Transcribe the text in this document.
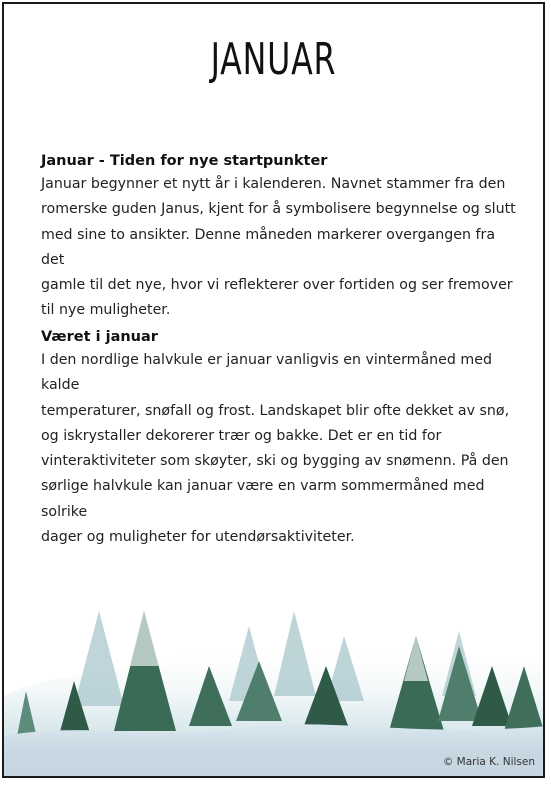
JANUAR

Januar - Tiden for nye startpunkter

Januar begynner et nytt år i kalenderen. Navnet stammer fra den
romerske guden Janus, kjent for å symbolisere begynnelse og slutt
med sine to ansikter. Denne måneden markerer overgangen fra det
gamle til det nye, hvor vi reflekterer over fortiden og ser fremover
til nye muligheter.

Været i januar

I den nordlige halvkule er januar vanligvis en vintermåned med kalde
temperaturer, snøfall og frost. Landskapet blir ofte dekket av snø,
og iskrystaller dekorerer trær og bakke. Det er en tid for
vinteraktiviteter som skøyter, ski og bygging av snømenn. På den
sørlige halvkule kan januar være en varm sommermåned med solrike
dager og muligheter for utendørsaktiviteter.

© Maria K. Nilsen
